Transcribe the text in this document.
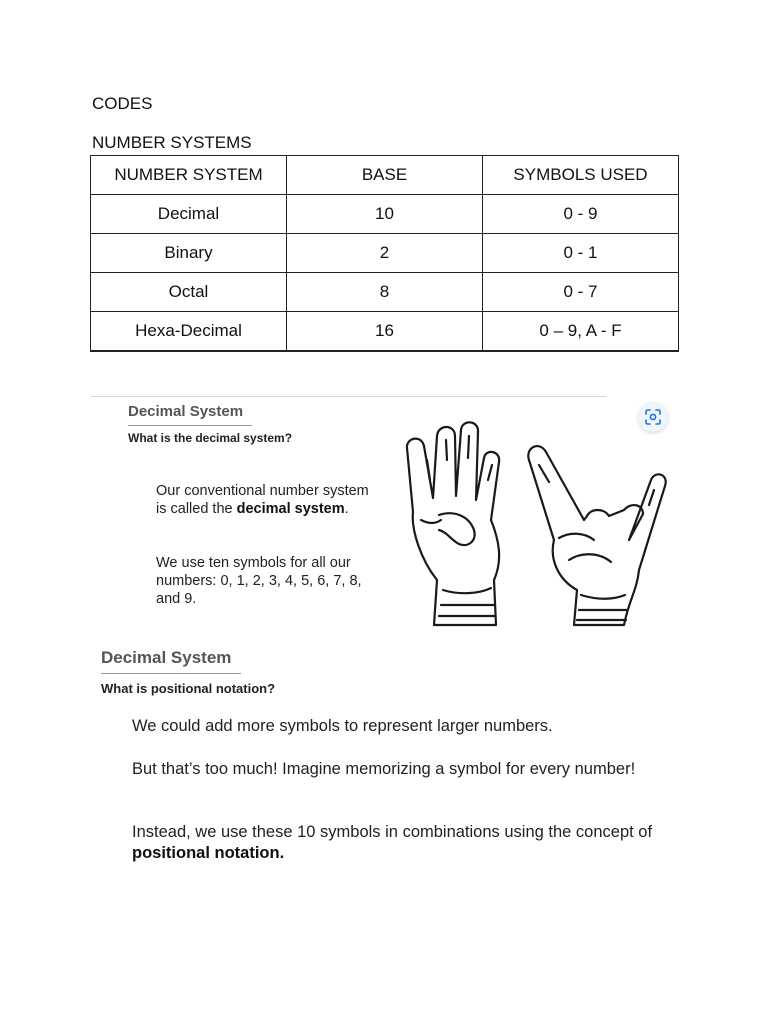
CODES
NUMBER SYSTEMS
NUMBER SYSTEM	BASE	SYMBOLS USED
Decimal	10	0 - 9
Binary	2	0 - 1
Octal	8	0 - 7
Hexa-Decimal	16	0 – 9, A - F
Decimal System
What is the decimal system?
Our conventional number system is called the decimal system.
We use ten symbols for all our numbers: 0, 1, 2, 3, 4, 5, 6, 7, 8, and 9.
Decimal System
What is positional notation?
We could add more symbols to represent larger numbers.
But that’s too much! Imagine memorizing a symbol for every number!
Instead, we use these 10 symbols in combinations using the concept of positional notation.
